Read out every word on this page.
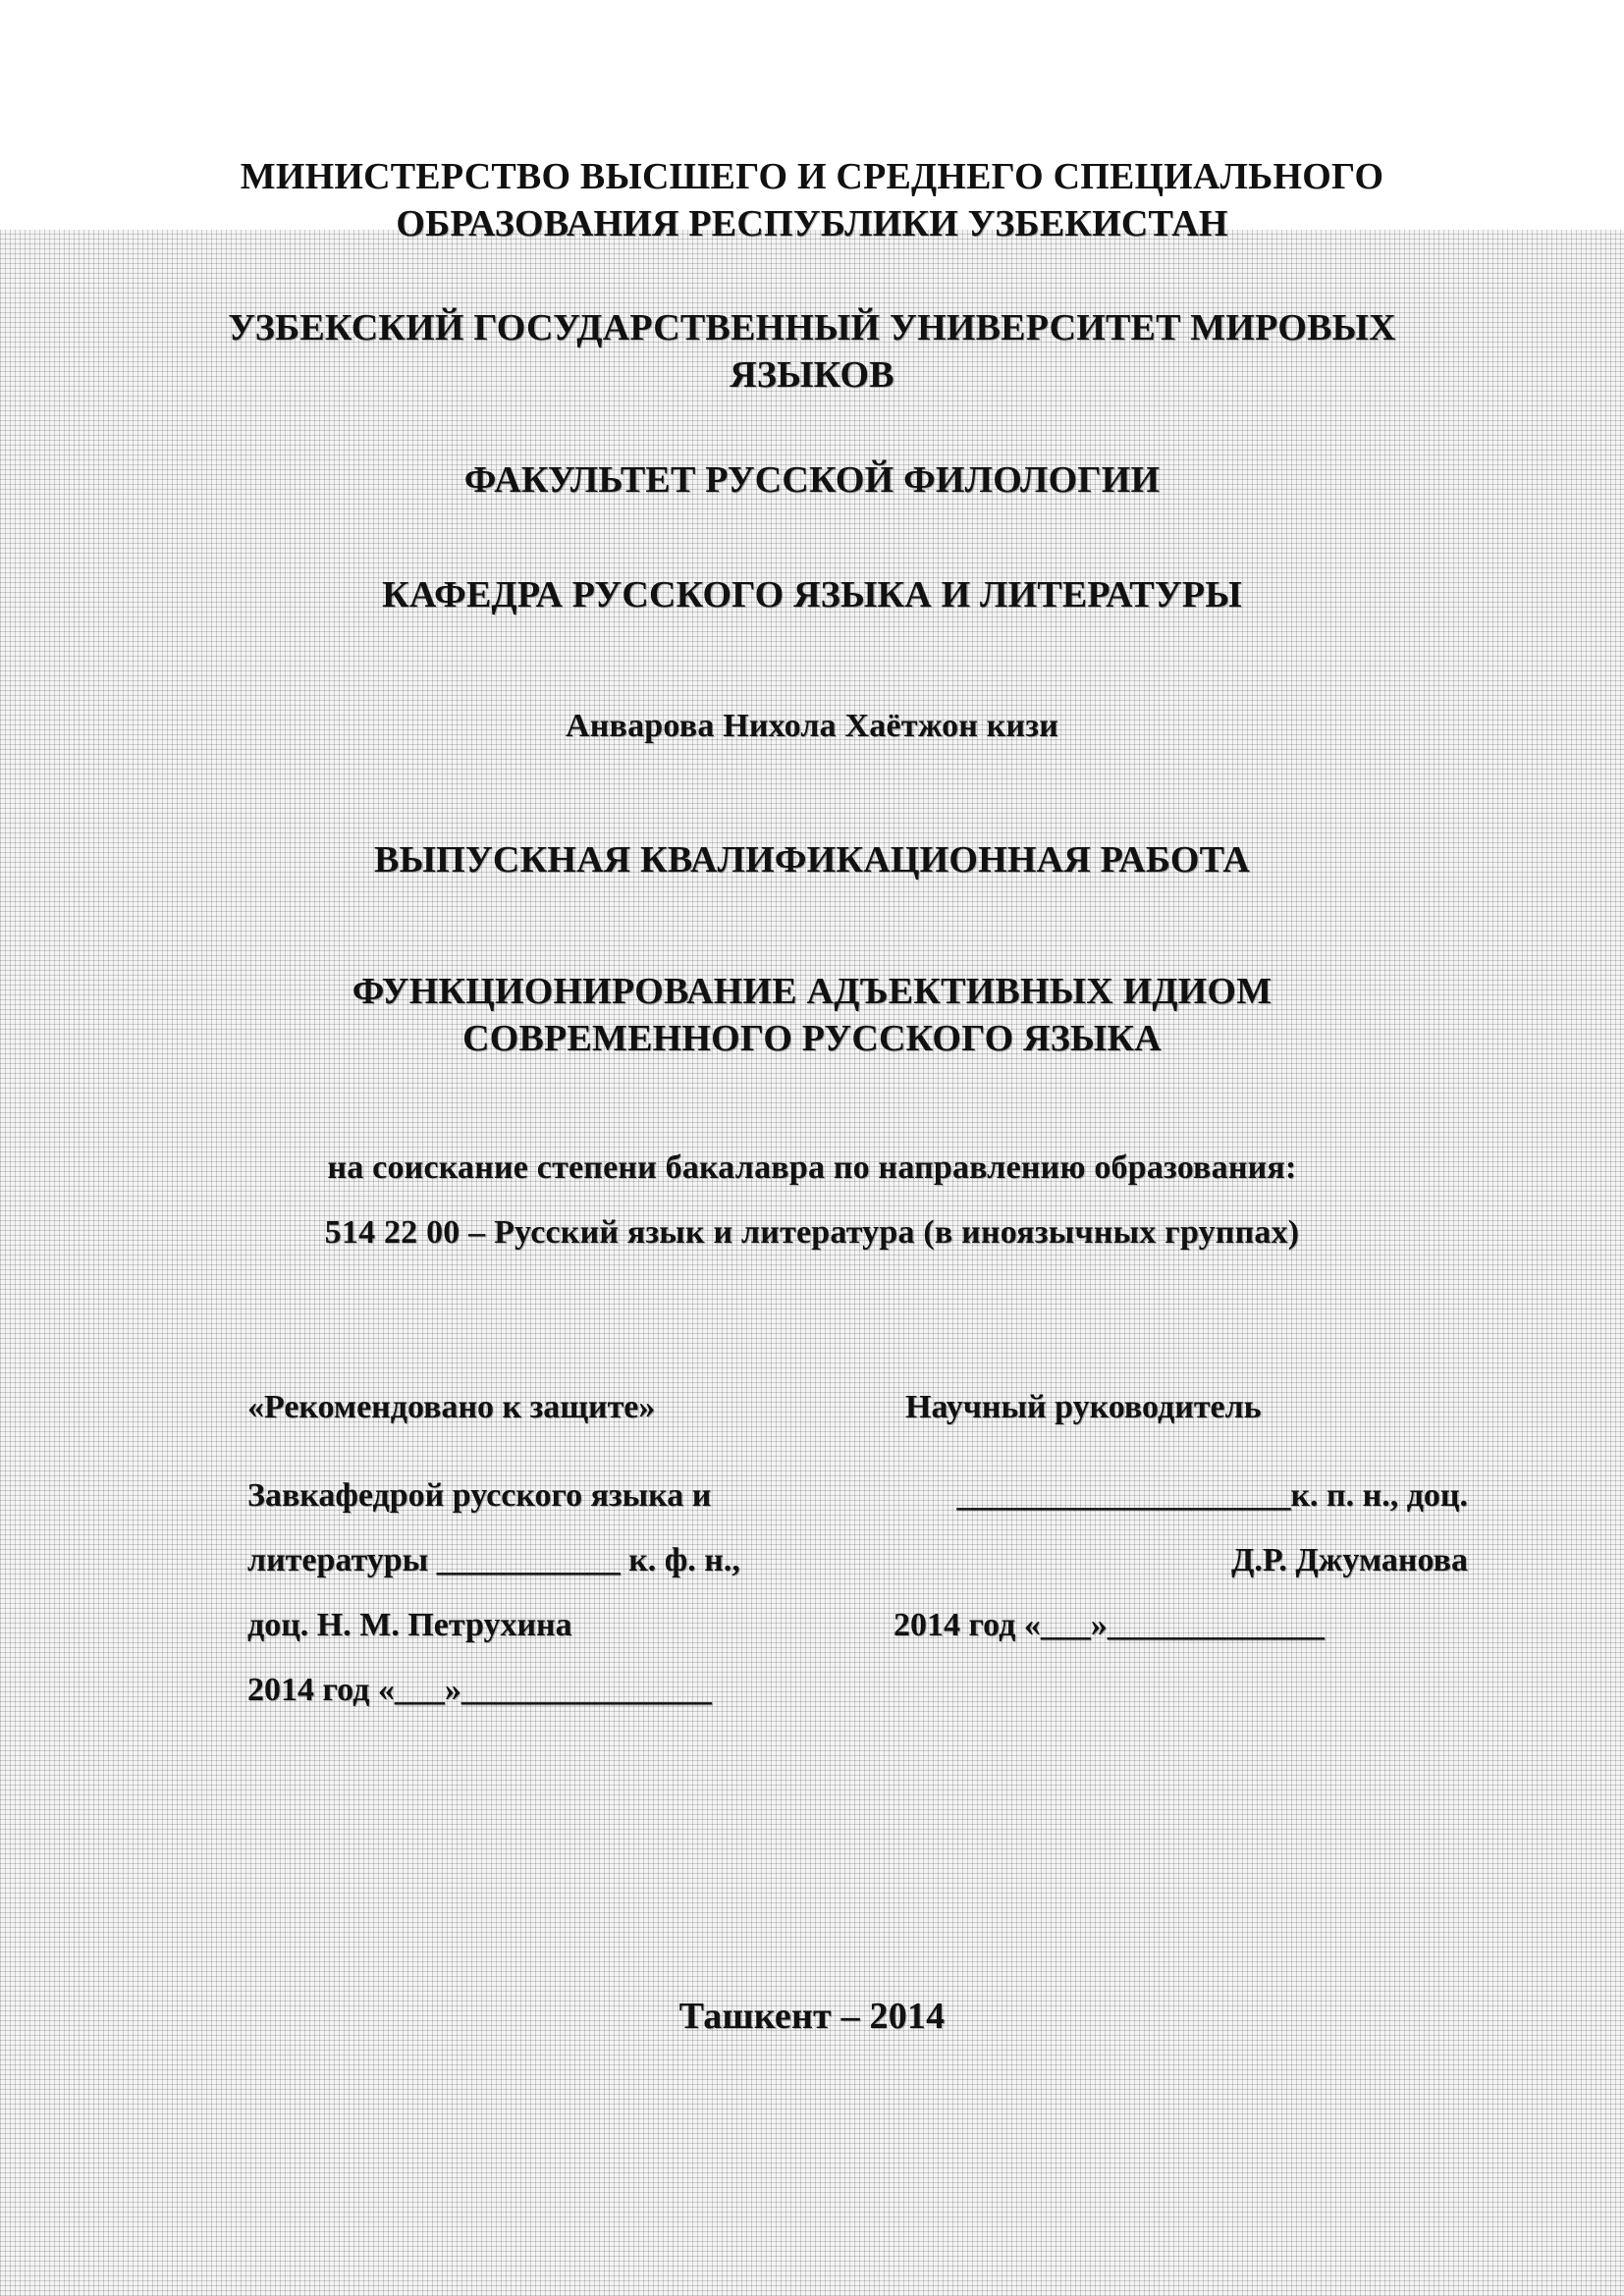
МИНИСТЕРСТВО ВЫСШЕГО И СРЕДНЕГО СПЕЦИАЛЬНОГО
ОБРАЗОВАНИЯ РЕСПУБЛИКИ УЗБЕКИСТАН
УЗБЕКСКИЙ ГОСУДАРСТВЕННЫЙ УНИВЕРСИТЕТ МИРОВЫХ
ЯЗЫКОВ
ФАКУЛЬТЕТ РУССКОЙ ФИЛОЛОГИИ
КАФЕДРА РУССКОГО ЯЗЫКА И ЛИТЕРАТУРЫ
Анварова Нихола Хаётжон кизи
ВЫПУСКНАЯ КВАЛИФИКАЦИОННАЯ РАБОТА
ФУНКЦИОНИРОВАНИЕ АДЪЕКТИВНЫХ ИДИОМ
СОВРЕМЕННОГО РУССКОГО ЯЗЫКА
на соискание степени бакалавра по направлению образования:
514 22 00 – Русский язык и литература (в иноязычных группах)
«Рекомендовано к защите»
Завкафедрой русского языка и
литературы ___________ к. ф. н.,
доц. Н. М. Петрухина
2014 год «___»_______________
Научный руководитель
____________________к. п. н., доц.
Д.Р. Джуманова
2014 год «___»_____________
Ташкент – 2014
